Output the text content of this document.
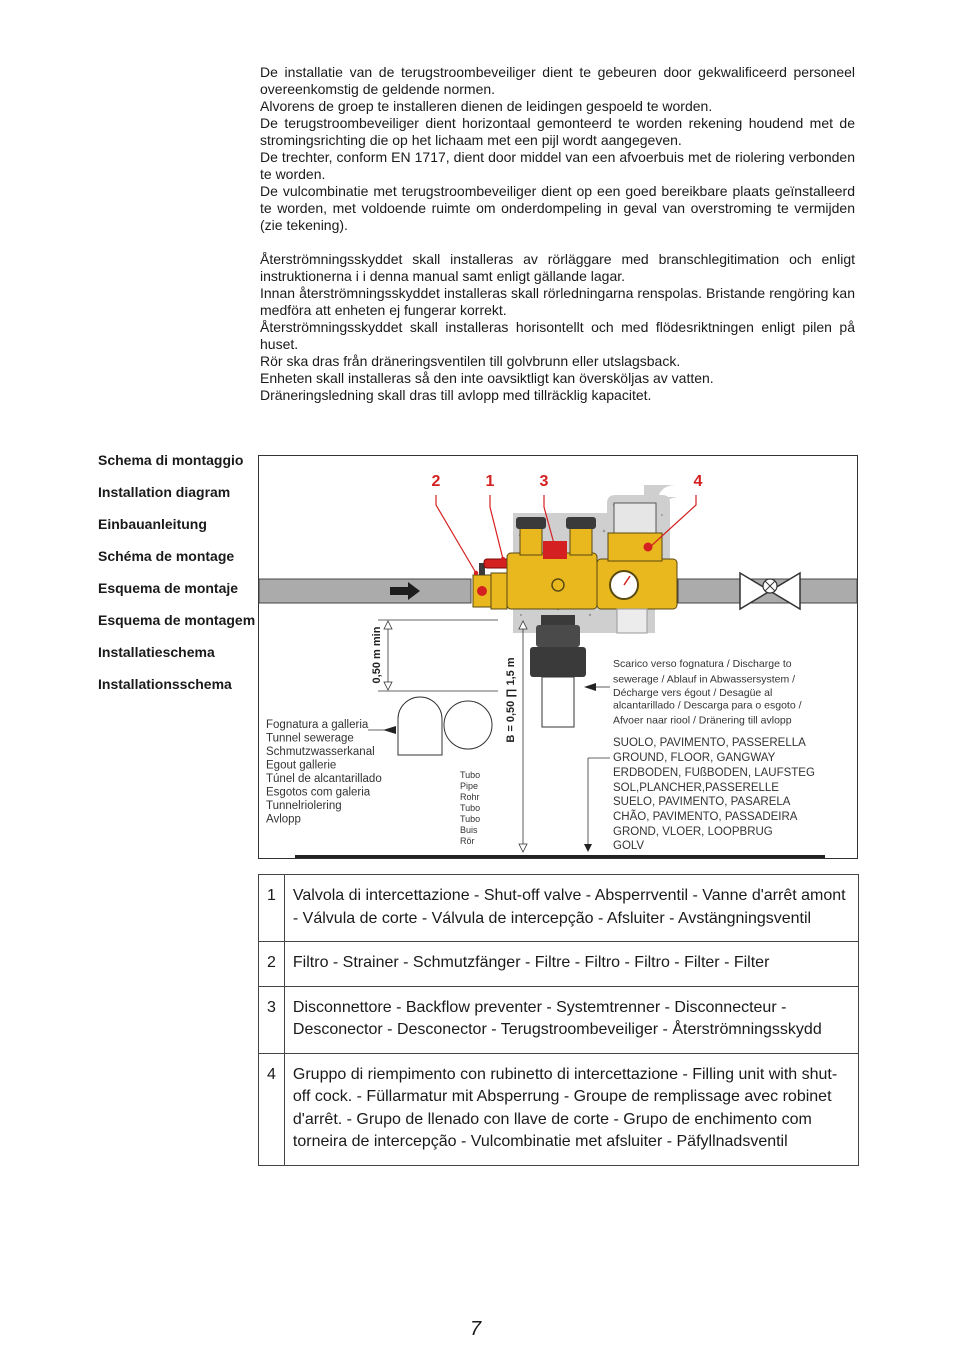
De installatie van de terugstroombeveiliger dient te gebeuren door gekwalificeerd personeel overeenkomstig de geldende normen.

Alvorens de groep te installeren dienen de leidingen gespoeld te worden.

De terugstroombeveiliger dient horizontaal gemonteerd te worden rekening houdend met de stromingsrichting die op het lichaam met een pijl wordt aangegeven.

De trechter, conform EN 1717, dient door middel van een afvoerbuis met de riolering verbonden te worden.

De vulcombinatie met terugstroombeveiliger dient op een goed bereikbare plaats geïnstalleerd te worden, met voldoende ruimte om onderdompeling in geval van overstroming te vermijden (zie tekening).

Återströmningsskyddet skall installeras av rörläggare med branschlegitimation och enligt instruktionerna i i denna manual samt enligt gällande lagar.

Innan återströmningsskyddet installeras skall rörledningarna renspolas. Bristande rengöring kan medföra att enheten ej fungerar korrekt.

Återströmningsskyddet skall installeras horisontellt och med flödesriktningen enligt pilen på huset.

Rör ska dras från dräneringsventilen till golvbrunn eller utslagsback.

Enheten skall installeras så den inte oavsiktligt kan översköljas av vatten.

Dräneringsledning skall dras till avlopp med tillräcklig kapacitet.

Schema di montaggio
Installation diagram
Einbauanleitung
Schéma de montage
Esquema de montaje
Esquema de montagem
Installatieschema
Installationsschema
0,50 m min
B = 0,50 ∏ 1,5 m
2	1	3	4
Fognatura a galleria
Tunnel sewerage
Schmutzwasserkanal
Egout gallerie
Túnel de alcantarillado
Esgotos com galeria
Tunnelriolering
Avlopp
Tubo
Pipe
Rohr
Tubo
Tubo
Buis
Rör
Scarico verso fognatura / Discharge to
sewerage / Ablauf in Abwassersystem /
Décharge vers égout / Desagüe al
alcantarillado / Descarga para o esgoto /
Afvoer naar riool / Dränering till avlopp
SUOLO, PAVIMENTO, PASSERELLA
GROUND, FLOOR, GANGWAY
ERDBODEN, FUßBODEN, LAUFSTEG
SOL,PLANCHER,PASSERELLE
SUELO, PAVIMENTO, PASARELA
CHÃO, PAVIMENTO, PASSADEIRA
GROND, VLOER, LOOPBRUG
GOLV
1	Valvola di intercettazione - Shut-off valve - Absperrventil - Vanne d'arrêt amont - Válvula de corte - Válvula de intercepção - Afsluiter - Avstängningsventil
2	Filtro - Strainer - Schmutzfänger - Filtre - Filtro - Filtro - Filter - Filter
3	Disconnettore - Backflow preventer - Systemtrenner - Disconnecteur - Desconector - Desconector - Terugstroombeveiliger - Återströmningsskydd
4	Gruppo di riempimento con rubinetto di intercettazione - Filling unit with shut-off cock. - Füllarmatur mit Absperrung - Groupe de remplissage avec robinet d'arrêt. - Grupo de llenado con llave de corte - Grupo de enchimento com torneira de intercepção - Vulcombinatie met afsluiter - Päfyllnadsventil
7
